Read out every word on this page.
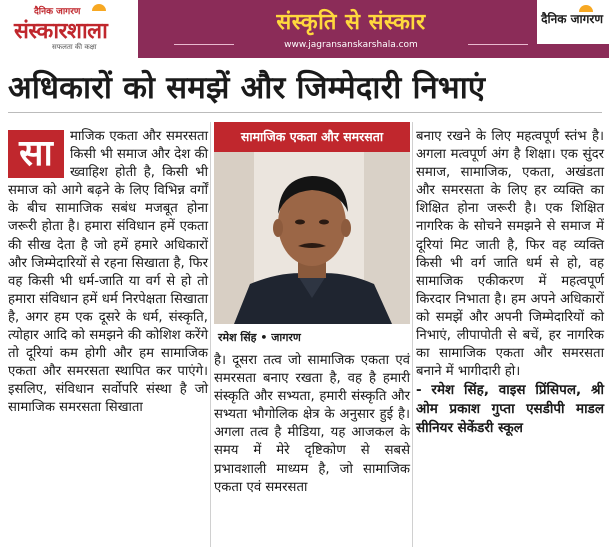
दैनिक जागरण
संस्कारशाला
सफलता की कक्षा
संस्कृति से संस्कार
www.jagransanskarshala.com
दैनिक जागरण
अधिकारों को समझें और जिम्मेदारी निभाएं
सा	माजिक एकता और समरसता किसी भी समाज और देश की ख्वाहिश होती है, किसी भी समाज को आगे बढ़ने के लिए विभिन्न वर्गों के बीच सामाजिक सबंध मजबूत होना जरूरी होता है। हमारा संविधान हमें एकता की सीख देता है जो हमें हमारे अधिकारों और जिम्मेदारियों से रहना सिखाता है, फिर वह किसी भी धर्म-जाति या वर्ग से हो तो हमारा संविधान हमें धर्म निरपेक्षता सिखाता है, अगर हम एक दूसरे के धर्म, संस्कृति, त्योहार आदि को समझने की कोशिश करेंगे तो दूरियां कम होगी और हम सामाजिक एकता और समरसता स्थापित कर पाएंगे। इसलिए, संविधान सर्वोपरि संस्था है जो सामाजिक समरसता सिखाता

सामाजिक एकता और समरसता
रमेश सिंह • जागरण

है। दूसरा तत्व जो सामाजिक एकता एवं समरसता बनाए रखता है, वह है हमारी संस्कृति और सभ्यता, हमारी संस्कृति और सभ्यता भौगोलिक क्षेत्र के अनुसार हुई है। अगला तत्व है मीडिया, यह आजकल के समय में मेरे दृष्टिकोण से सबसे प्रभावशाली माध्यम है, जो सामाजिक एकता एवं समरसता

बनाए रखने के लिए महत्वपूर्ण स्तंभ है। अगला मत्वपूर्ण अंग है शिक्षा। एक सुंदर समाज, सामाजिक, एकता, अखंडता और समरसता के लिए हर व्यक्ति का शिक्षित होना जरूरी है। एक शिक्षित नागरिक के सोचने समझने से समाज में दूरियां मिट जाती है, फिर वह व्यक्ति किसी भी वर्ग जाति धर्म से हो, वह सामाजिक एकीकरण में महत्वपूर्ण किरदार निभाता है। हम अपने अधिकारों को समझें और अपनी जिम्मेदारियों को निभाएं, लीपापोती से बचें, हर नागरिक का सामाजिक एकता और समरसता बनाने में भागीदारी हो।

- रमेश सिंह, वाइस प्रिंसिपल, श्री ओम प्रकाश गुप्ता एसडीपी माडल सीनियर सेकेंडरी स्कूल
